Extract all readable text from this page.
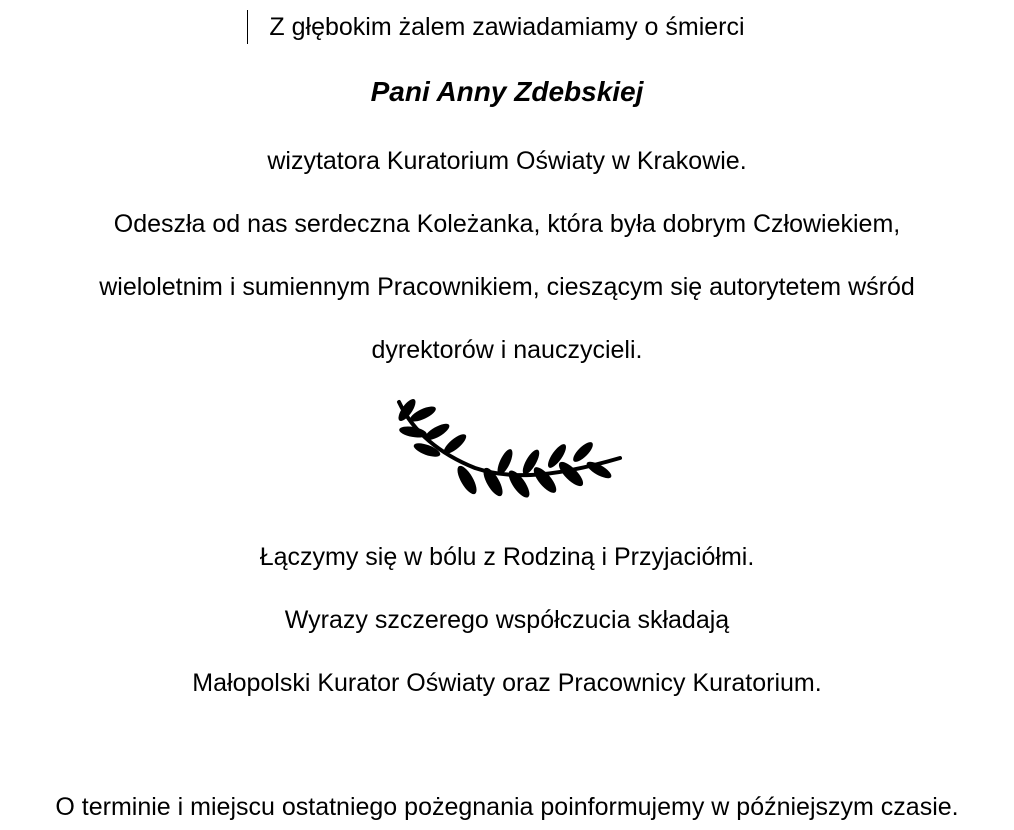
Z głębokim żalem zawiadamiamy o śmierci
Pani Anny Zdebskiej
wizytatora Kuratorium Oświaty w Krakowie.
Odeszła od nas serdeczna Koleżanka, która była dobrym Człowiekiem,
wieloletnim i sumiennym Pracownikiem, cieszącym się autorytetem wśród
dyrektorów i nauczycieli.
Łączymy się w bólu z Rodziną i Przyjaciółmi.
Wyrazy szczerego współczucia składają
Małopolski Kurator Oświaty oraz Pracownicy Kuratorium.
O terminie i miejscu ostatniego pożegnania poinformujemy w późniejszym czasie.
